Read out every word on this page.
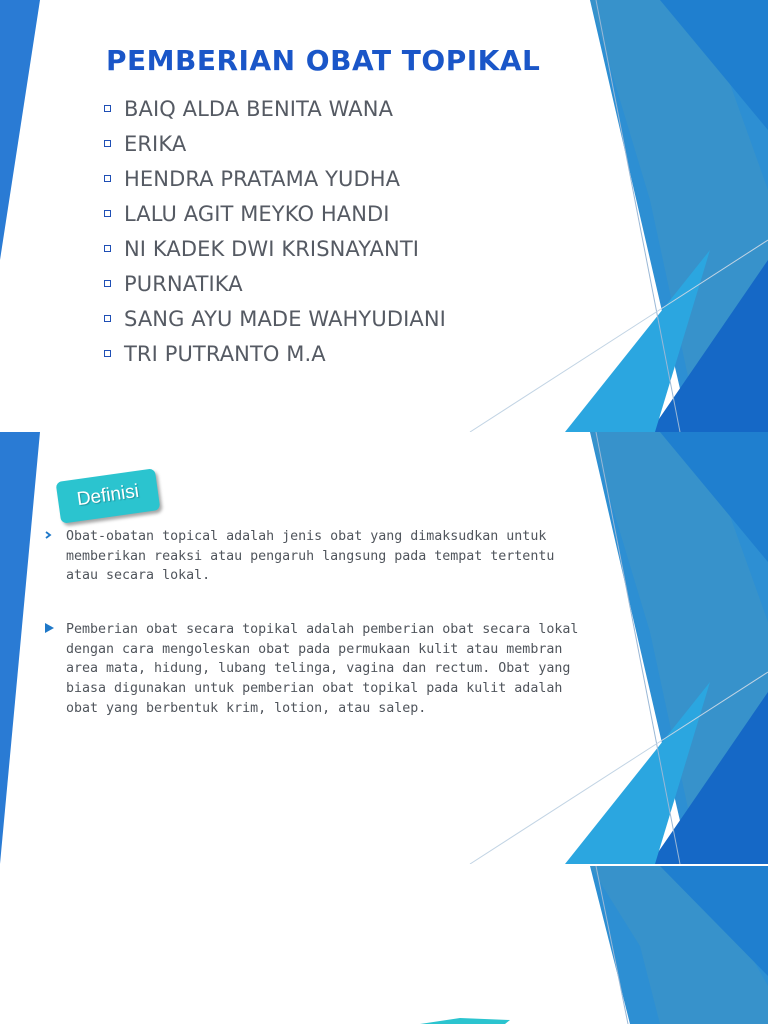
PEMBERIAN OBAT TOPIKAL
BAIQ ALDA BENITA WANA
ERIKA
HENDRA PRATAMA YUDHA
LALU AGIT MEYKO HANDI
NI KADEK DWI KRISNAYANTI
PURNATIKA
SANG AYU MADE WAHYUDIANI
TRI PUTRANTO M.A
Definisi

Obat-obatan topical adalah jenis obat yang dimaksudkan untuk memberikan reaksi atau pengaruh langsung pada tempat tertentu atau secara lokal.

Pemberian obat secara topikal adalah pemberian obat secara lokal dengan cara mengoleskan obat pada permukaan kulit atau membran area mata, hidung, lubang telinga, vagina dan rectum. Obat yang biasa digunakan untuk pemberian obat topikal pada kulit adalah obat yang berbentuk krim, lotion, atau salep.
